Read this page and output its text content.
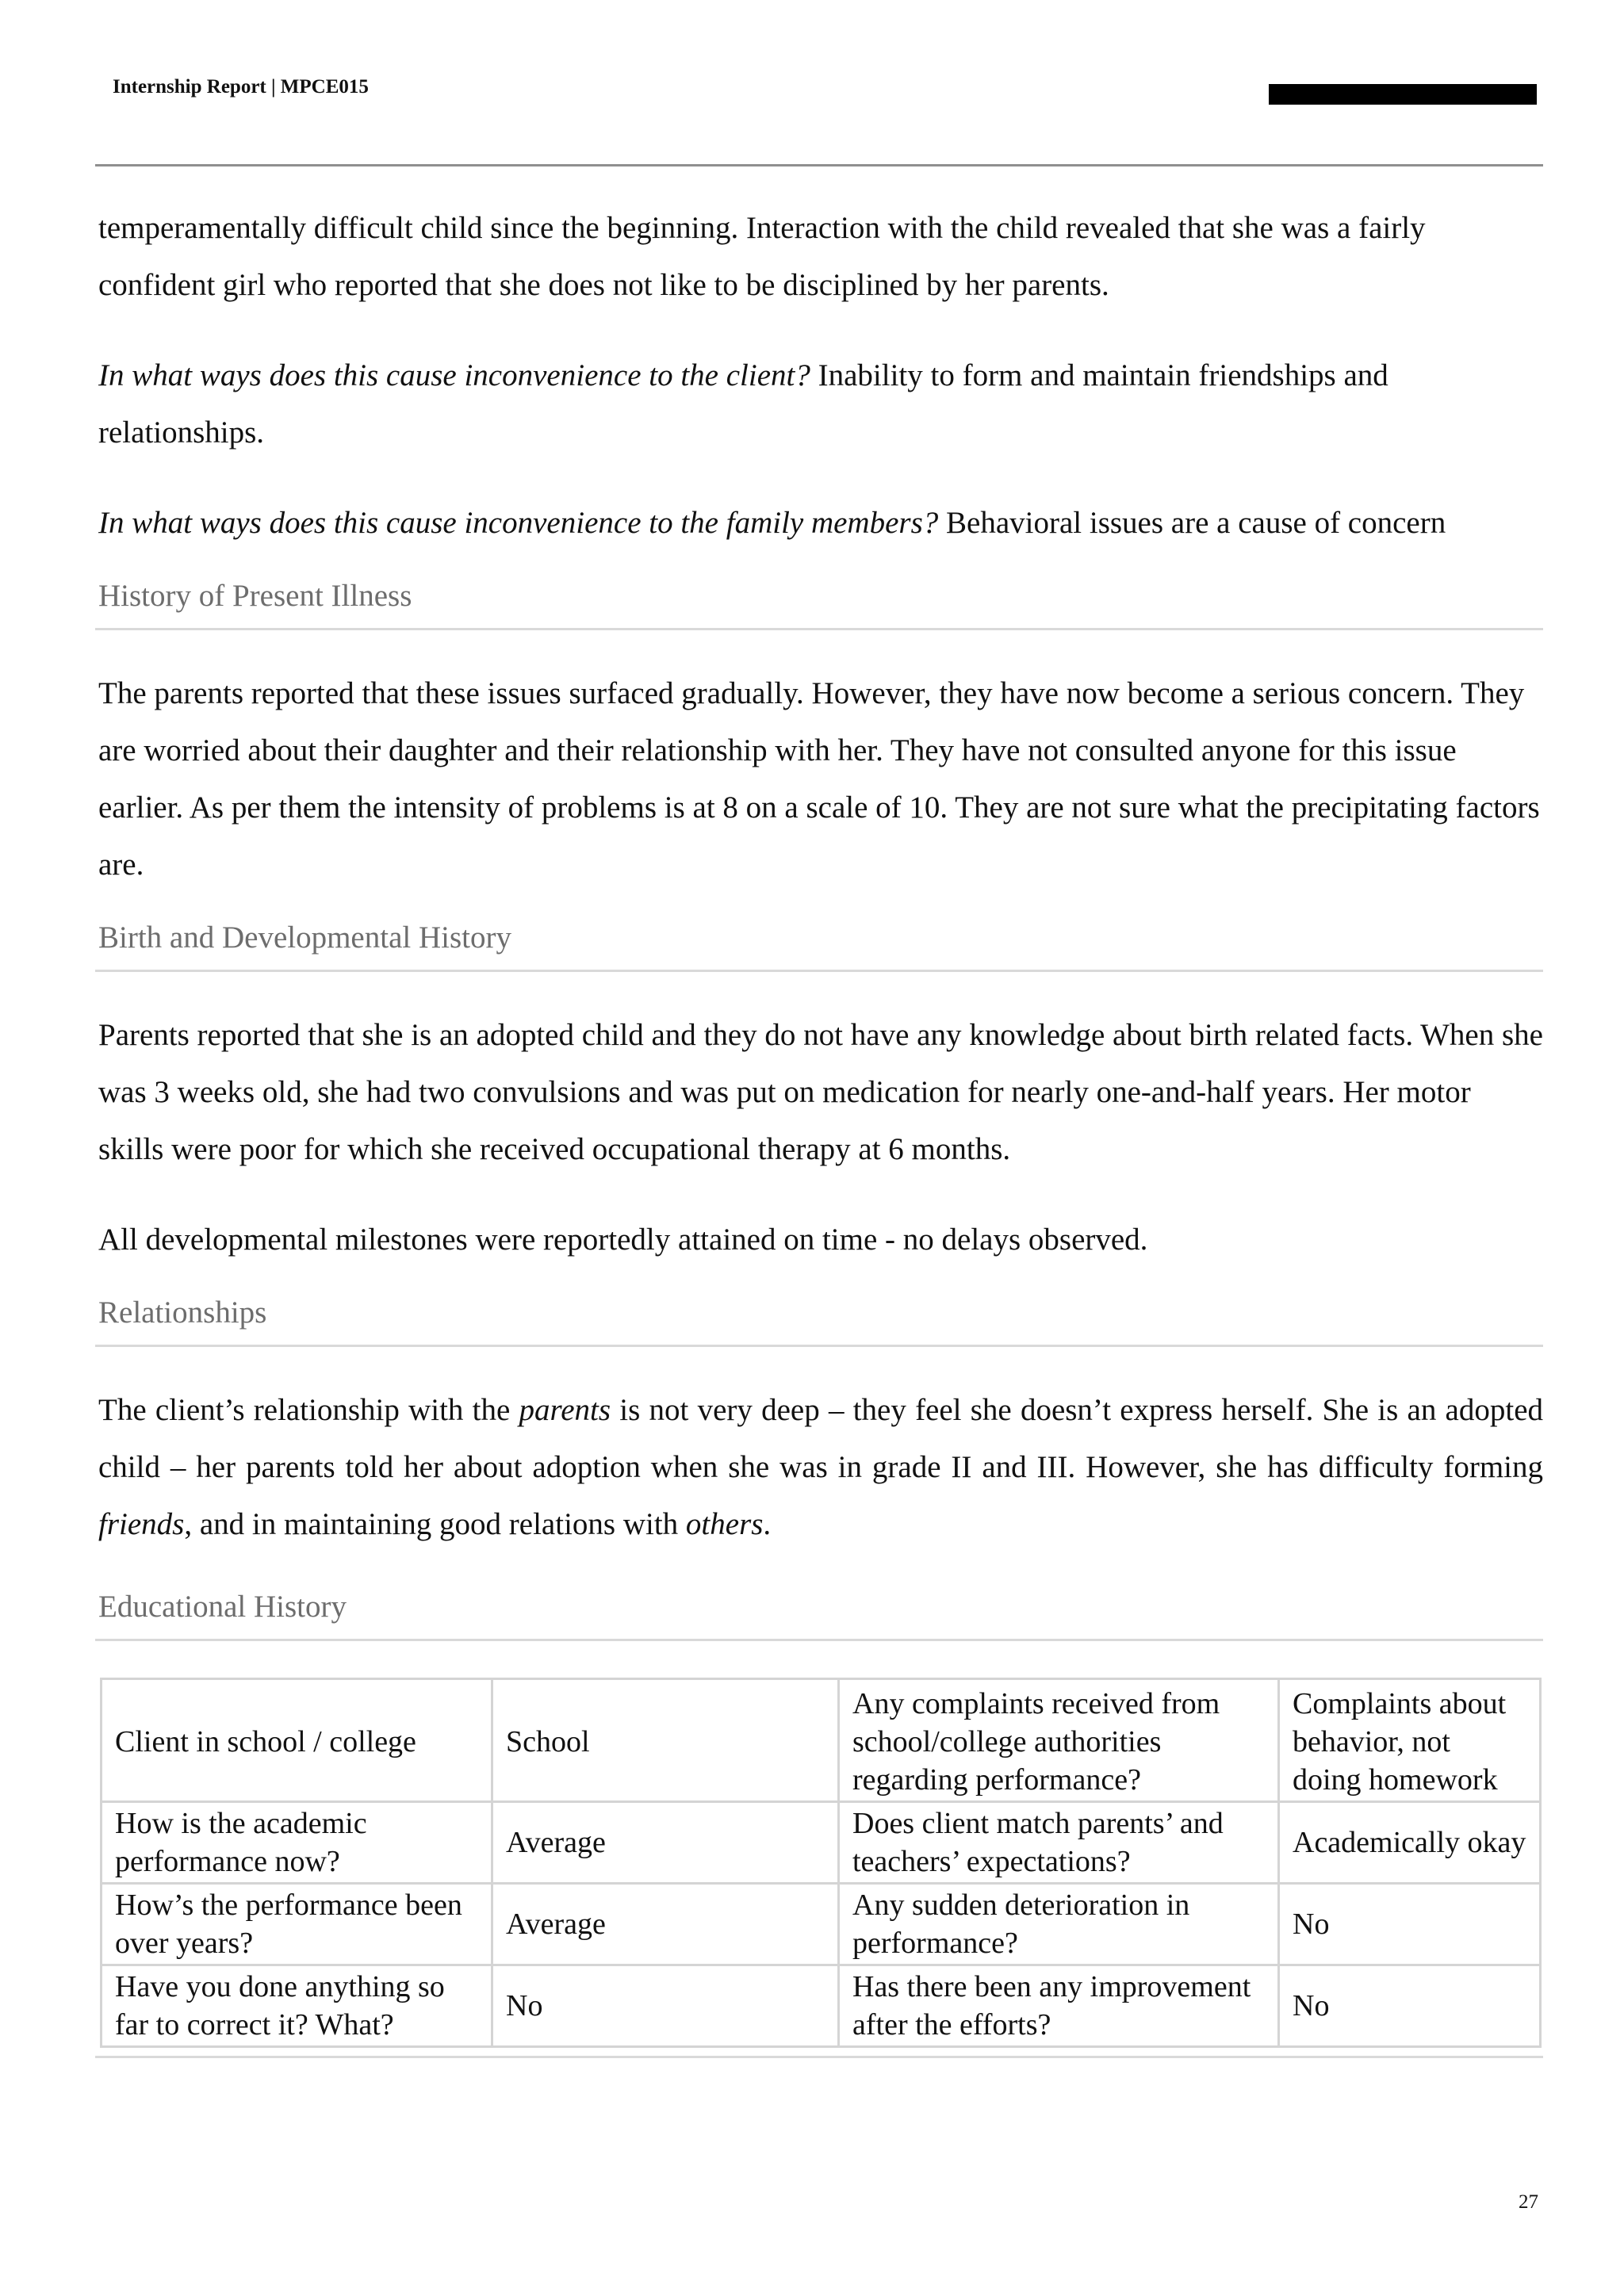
Internship Report | MPCE015

temperamentally difficult child since the beginning. Interaction with the child revealed that she was a fairly confident girl who reported that she does not like to be disciplined by her parents.

In what ways does this cause inconvenience to the client? Inability to form and maintain friendships and relationships.

In what ways does this cause inconvenience to the family members? Behavioral issues are a cause of concern

History of Present Illness

The parents reported that these issues surfaced gradually. However, they have now become a serious concern. They are worried about their daughter and their relationship with her. They have not consulted anyone for this issue earlier. As per them the intensity of problems is at 8 on a scale of 10. They are not sure what the precipitating factors are.

Birth and Developmental History

Parents reported that she is an adopted child and they do not have any knowledge about birth related facts. When she was 3 weeks old, she had two convulsions and was put on medication for nearly one-and-half years. Her motor skills were poor for which she received occupational therapy at 6 months.

All developmental milestones were reportedly attained on time - no delays observed.

Relationships

The client’s relationship with the parents is not very deep – they feel she doesn’t express herself. She is an adopted child – her parents told her about adoption when she was in grade II and III. However, she has difficulty forming friends, and in maintaining good relations with others.

Educational History
Client in school / college	School	Any complaints received from school/college authorities regarding performance?	Complaints about behavior, not doing homework
How is the academic performance now?	Average	Does client match parents’ and teachers’ expectations?	Academically okay
How’s the performance been over years?	Average	Any sudden deterioration in performance?	No
Have you done anything so far to correct it? What?	No	Has there been any improvement after the efforts?	No
27
